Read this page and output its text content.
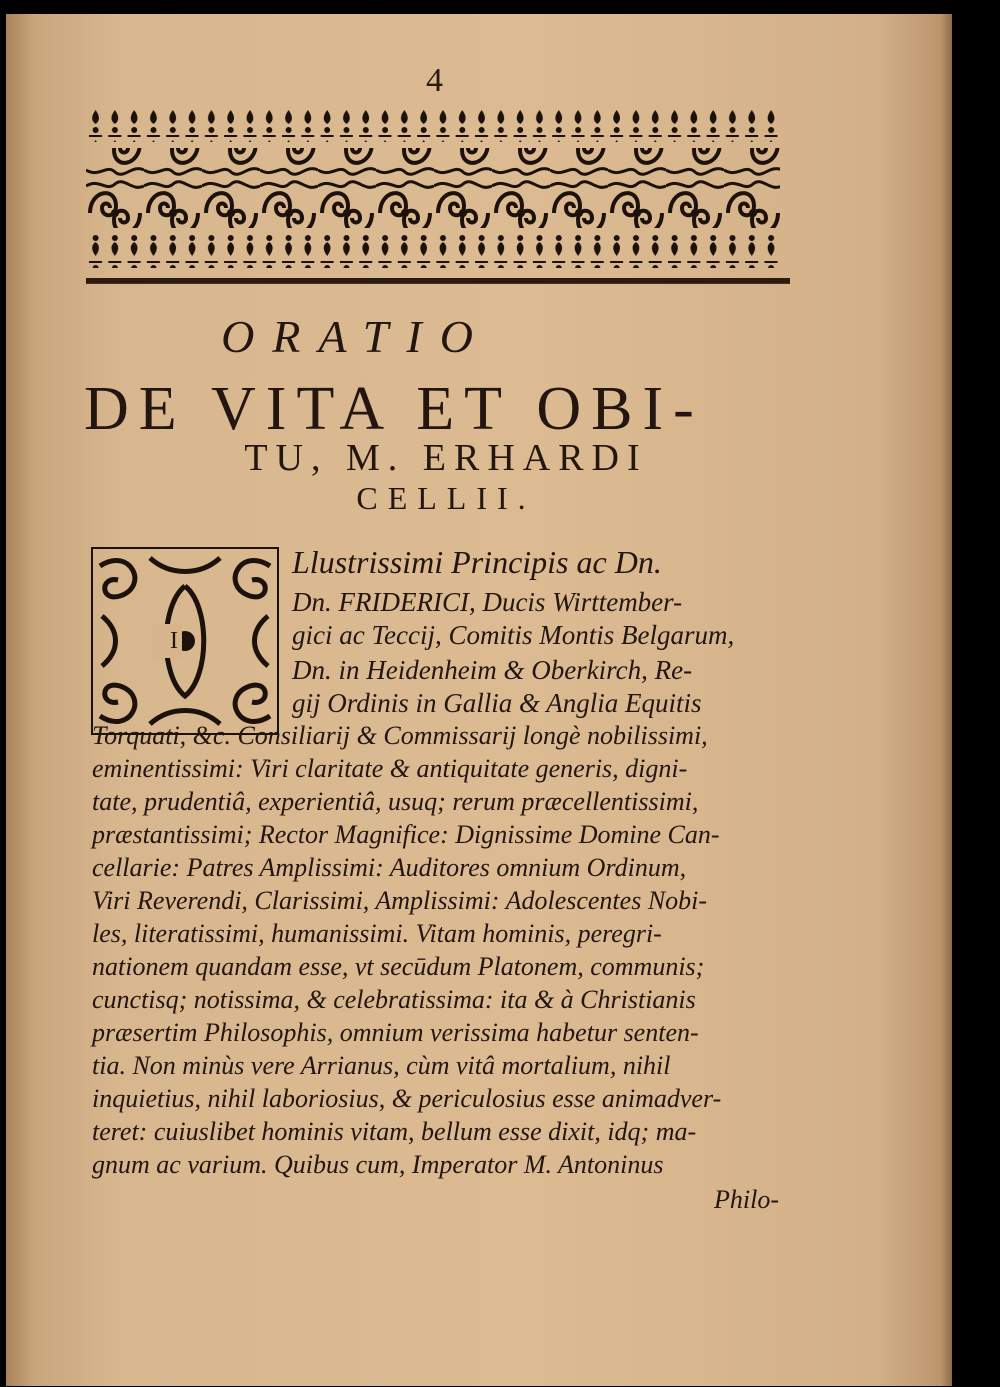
4
ORATIO
DE VITA ET OBI-
TU, M. ERHARDI
CELLII.
I
Llustrissimi Principis ac Dn.
Dn. FRIDERICI, Ducis Wirttember-
gici ac Teccij, Comitis Montis Belgarum,
Dn. in Heidenheim & Oberkirch, Re-
gij Ordinis in Gallia & Anglia Equitis
Torquati, &c. Consiliarij & Commissarij longè nobilissimi,
eminentissimi: Viri claritate & antiquitate generis, digni-
tate, prudentiâ, experientiâ, usuq; rerum præcellentissimi,
præstantissimi; Rector Magnifice: Dignissime Domine Can-
cellarie: Patres Amplissimi: Auditores omnium Ordinum,
Viri Reverendi, Clarissimi, Amplissimi: Adolescentes Nobi-
les, literatissimi, humanissimi. Vitam hominis, peregri-
nationem quandam esse, vt secūdum Platonem, communis;
cunctisq; notissima, & celebratissima: ita & à Christianis
præsertim Philosophis, omnium verissima habetur senten-
tia. Non minùs vere Arrianus, cùm vitâ mortalium, nihil
inquietius, nihil laboriosius, & periculosius esse animadver-
teret: cuiuslibet hominis vitam, bellum esse dixit, idq; ma-
gnum ac varium. Quibus cum, Imperator M. Antoninus
Philo-
